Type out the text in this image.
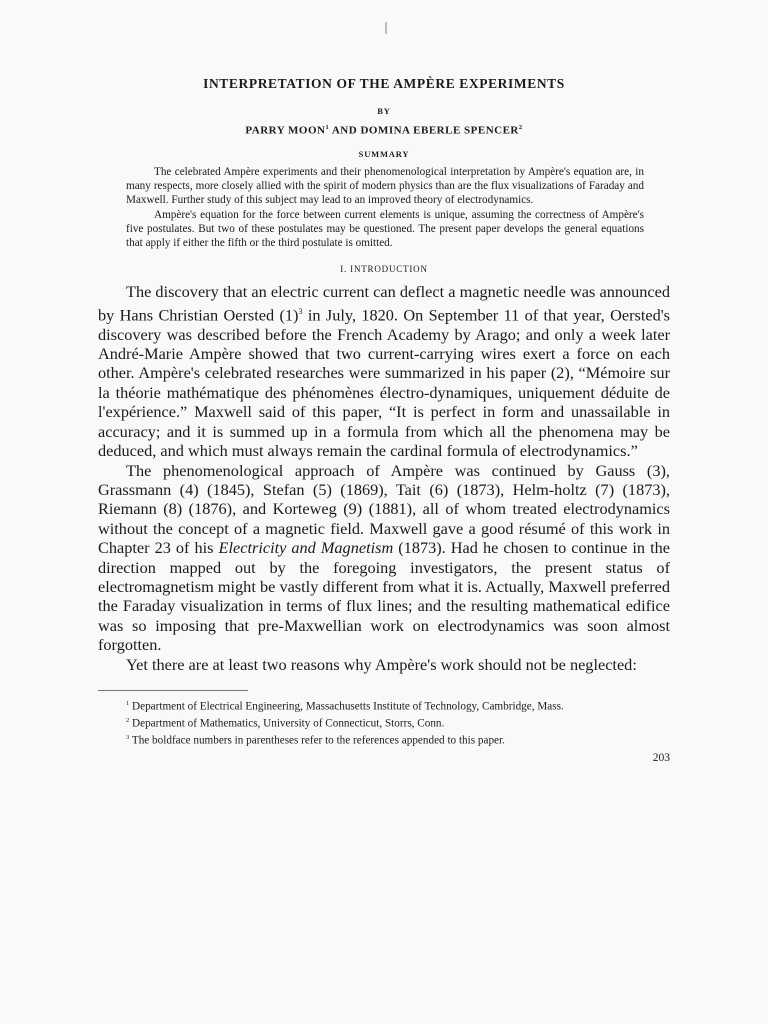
INTERPRETATION OF THE AMPÈRE EXPERIMENTS
BY
PARRY MOON$^1$ AND DOMINA EBERLE SPENCER$^2$
SUMMARY

The celebrated Ampère experiments and their phenomenological interpretation by Ampère's equation are, in many respects, more closely allied with the spirit of modern physics than are the flux visualizations of Faraday and Maxwell. Further study of this subject may lead to an improved theory of electrodynamics.

Ampère's equation for the force between current elements is unique, assuming the correctness of Ampère's five postulates. But two of these postulates may be questioned. The present paper develops the general equations that apply if either the fifth or the third postulate is omitted.

I. INTRODUCTION

The discovery that an electric current can deflect a magnetic needle was announced by Hans Christian Oersted $(1)^3$ in July, 1820. On September 11 of that year, Oersted's discovery was described before the French Academy by Arago; and only a week later André-Marie Ampère showed that two current-carrying wires exert a force on each other. Ampère's celebrated researches were summarized in his paper (2), “Mémoire sur la théorie mathématique des phénomènes électro-dynamiques, uniquement déduite de l'expérience.” Maxwell said of this paper, “It is perfect in form and unassailable in accuracy; and it is summed up in a formula from which all the phenomena may be deduced, and which must always remain the cardinal formula of electrodynamics.”

The phenomenological approach of Ampère was continued by Gauss (3), Grassmann (4) (1845), Stefan (5) (1869), Tait (6) (1873), Helm-holtz (7) (1873), Riemann (8) (1876), and Korteweg (9) (1881), all of whom treated electrodynamics without the concept of a magnetic field. Maxwell gave a good résumé of this work in Chapter 23 of his Electricity and Magnetism (1873). Had he chosen to continue in the direction mapped out by the foregoing investigators, the present status of electromagnetism might be vastly different from what it is. Actually, Maxwell preferred the Faraday visualization in terms of flux lines; and the resulting mathematical edifice was so imposing that pre-Maxwellian work on electrodynamics was soon almost forgotten.

Yet there are at least two reasons why Ampère's work should not be neglected:

$^1$ Department of Electrical Engineering, Massachusetts Institute of Technology, Cambridge, Mass.

$^2$ Department of Mathematics, University of Connecticut, Storrs, Conn.

$^3$ The boldface numbers in parentheses refer to the references appended to this paper.

203
